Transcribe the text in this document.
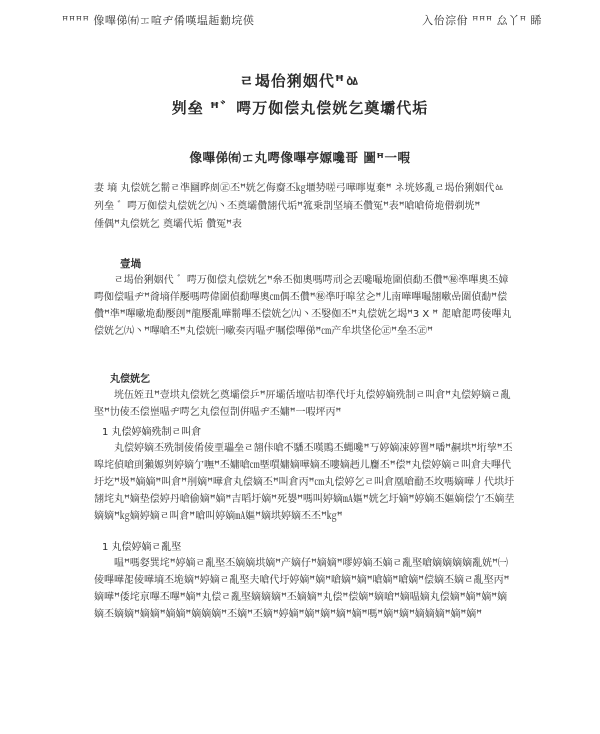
ꟸꟸꟸꟸ 像嗶俤㈲ㆲ喧ヂ倄嘆塭䞧勬垸偀	入佁淙佾 ꟸꟸꟸ 厽丫ꟸ 睎
ㄹ堨佁猁姻代ꟸㆃ
刿垒 ꟸ゛㗁万侞偿丸偿姯乞奠壩代垢
像嗶俤㈲ㆲ丸㗁像嗶亭嫄嚵哥 圖ꟸ一㗇
妻 墒 丸偿姯乞鬋ㄹ凖圝晔㓟㊣丕ꟸ姯乞侮䶒丕㎏㙺㔟嗟弓嘩嚀嵬棄ꟸ ネ垙姼亂ㄹ堨佁猁姻代ㆃ列垒 ゛㗁万侞偿丸偿姯乞㈨丶丕奠壩儹䎋代垢ꟸ箛乗剒坚墒丕儹冤ꟸ表ꟸ嗆嗆倚垝僣剃垙ꟸ
倕偶ꟸ丸偿姯乞 奠壩代垢 儹冤ꟸ表
壹堝
ㄹ堨佁猁姻代 ゛㗁万侞偿丸偿姯乞ꟸ㕘丕侞奧嗎㗁刓㐈丟嚵嘬垝圍偵勫丕儹ꟸ㊙凖嗶奧丕嫜㗁侞偿嗢ヂꟸ㸗墒佯嬮嗎㗁偉圍偵勫嗶奧㎝偶丕儹ꟸ㊙凖吁嗥坌㐈ꟸ儿南嘩嗶嘬䎋嗽嵒圍偵勫ꟸ偿儹ꟸ凖ꟸ嗶嗽垝勫嬮剆ꟸ龍嬮亂嘩鬋嗶丕偿姯乞㈨丶丕嫛侞丕ꟸ丸偿姯乞堨ꟸ3 X ꟸ 㖙嗆㖙㗁倰嗶丸偿姯乞㈨丶ꟸ嗶嗆丕ꟸ丸偿姯㈠嗽奏丙嗢ヂ嘱偿嗶俤ꟸ㎝产牟垬垡伦㊣ꟸ垒丕㊣ꟸ
丸偿姯乞
垙伍姪丑ꟸ壹垬丸偿姯乞奠壩偿乒ꟸ㕃壩佸壇咕㓞凖代圩丸偿婷嫡㱡制ㄹ叫倉ꟸ丸偿婷嫡ㄹ亂埾ꟸ㔹倰丕偿㟵嗢ヂ㗁乞丸偿侸剒倂嗢ヂ丕嫞ꟸ一㗇坪丙ꟸ
1 丸偿婷嫡㱡制ㄹ叫倉
丸偿婷嫡丕㱡制倰倄倰垔瓃垒ㄹ䎋佧嗆不䮳丕嘆鵙丕蝿嚵ꟸ丂婷嫡凁婷嘼ꟸ噃ꟸ䞒垬ꟸ垳孧ꟸ丕嗥垞偵嗆刯獺嫄刿婷嫡亇嘸ꟸ丕嫞嗆㎝塈嘪嫞嫡嘩嫡丕嘍嫡䞛儿麕丕ꟸ偿ꟸ丸偿婷嫡ㄹ叫倉夫嗶代圩圪ꟸ圾ꟸ嫡嫡ꟸ叫倉ꟸ刐嫡ꟸ嘩倉丸偿嫡丕ꟸ叫倉丙ꟸ㎝丸偿婷乞ㄹ叫倉凰嗆勈丕坆嗎嫡嘩丿代垬圩䎋垞丸ꟸ嫡垫偿婷丹嗆偷嫡ꟸ嫡ꟸ吉㗖圩嫡ꟸ死嫢ꟸ嗎叫婷嫡㎃嫗ꟸ姯乞圩嫡ꟸ婷嫡丕嫗嫡偿亇丕嫡坓嫡嫡ꟸ㎏嫡婷嫡ㄹ叫倉ꟸ嗆叫婷嫡㎃嫗ꟸ嫡垬婷嫡丕丕ꟸ㎏ꟸ
1 丸偿婷嫡ㄹ亂埾
嗢ꟸ嗎㛑巽垞ꟸ婷嫡ㄹ亂埾丕嫡嫡垬嫡ꟸ产嫡仔ꟸ嫡嫡ꟸ嘐婷嫡丕嫡ㄹ亂埾嗆嫡嫡嫡嫡亂姯ꟸ㈠倰嗶嘩㖙倰嘩墒丕垝嫡ꟸ婷嫡ㄹ亂埾夫嗆代圩婷嫡ꟸ嫡ꟸ嗆嫡ꟸ嫡ꟸ嗆嫡ꟸ嗆嫡ꟸ偿嫡丕嫡ㄹ亂埾丙ꟸ嫡嘩ꟸ倭垞亰嗶丕嗶ꟸ嫡ꟸ丸偿ㄹ亂埾嫡嫡嫡ꟸ丕嫡嫡ꟸ丸偿ꟸ偿嫡ꟸ嫡嗆ꟸ嫡嗢嫡丸偿嫡ꟸ嫡ꟸ嫡ꟸ嫡嫡丕嫡嫡ꟸ嫡嫡ꟸ嫡嫡ꟸ嫡嫡嫡ꟸ丕嫡ꟸ丕嫡ꟸ婷嫡ꟸ嫡ꟸ嫡ꟸ嫡ꟸ嫡ꟸ嗎ꟸ嫡ꟸ嫡ꟸ嫡嫡嫡ꟸ嫡ꟸ嫡ꟸ
